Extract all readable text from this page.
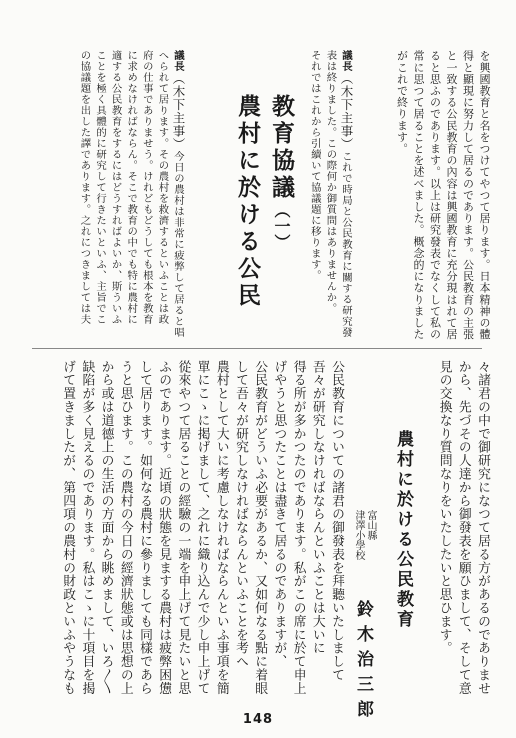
を興國教育と名をつけてやつて居ります。日本精神の體

得と顯現に努力して居るのであります。公民教育の主張

と一致する公民教育の內容は興國教育に充分現はれて居

ると思ふのであります。以上は研究發表でなくして私の

常に思つて居ることを述べました。概念的になりました

がこれで終ります。

議長（木下主事）これで時局と公民教育に關する研究發

表は終りました。この際何か御質問はありませんか。

それではこれから引續いて協議題に移ります。

農村に於ける公民 教育協議（一）

議長（木下主事）今日の農村は非常に疲弊して居ると唱

へられて居ります。その農村を救濟するといふことは政

府の仕事でありませう。けれどもどうしても根本を教育

に求めなければならん。そこで教育の中でも特に農村に

適する公民教育をするにはどうすればよいか、斯ういふ

ことを極く具體的に研究して行きたいといふ、主旨でこ

の協議題を出した譯であります。之れにつきましては夫

々諸君の中で御研究になつて居る方があるのでありませ

から、先づその人達から御發表を願ひまして、そして意

見の交換なり質問なりをいたしたいと思ひます。

農村に於ける公民教育

富山縣

津澤小學校

鈴木治三郎

公民教育についての諸君の御發表を拜聽いたしまして

吾々が研究しなければならんといふことは大いに

得る所が多かつたのであります。私がこの席に於て申上

げやうと思つたことは盡きて居るのでありますが、

公民教育がどういふ必要があるか、又如何なる點に着眼

して吾々が研究しなければならんといふことを考へ

農村として大いに考慮しなければならんといふ事項を簡

單にこゝに掲げまして、之れに織り込んで少し申上げて

從來やつて居ることの經驗の一端を申上げて見たいと思

ふのであります。近頃の狀態を見まする農村は疲弊困憊

して居ります。如何なる農村に參りましても同樣であら

うと思ひます。この農村の今日の經濟狀態或は思想の上

から或は道德上の生活の方面から眺めまして、いろ〳〵

缺陷が多く見えるのであります。私はこゝに十項目を揭

げて置きましたが、第四項の農村の財政といふやうなも

148
